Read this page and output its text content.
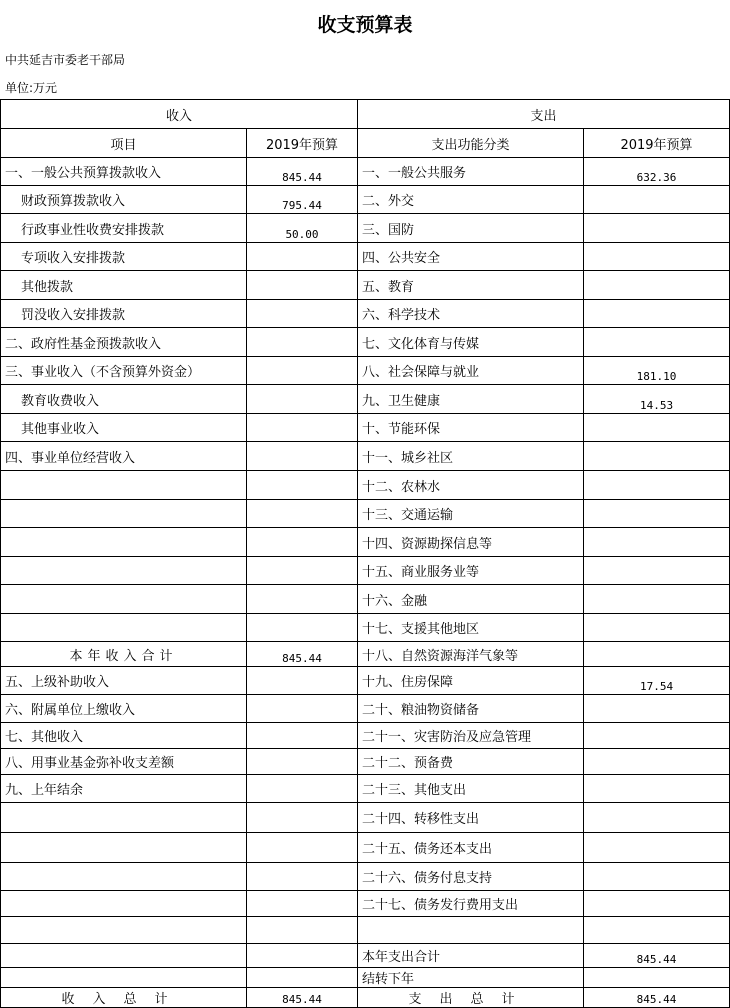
收支预算表
中共延吉市委老干部局
单位:万元
收入		支出	
项目	2019年预算	支出功能分类	2019年预算
一、一般公共预算拨款收入	845.44	一、一般公共服务	632.36
财政预算拨款收入	795.44	二、外交	
行政事业性收费安排拨款	50.00	三、国防	
专项收入安排拨款		四、公共安全	
其他拨款		五、教育	
罚没收入安排拨款		六、科学技术	
二、政府性基金预拨款收入		七、文化体育与传媒	
三、事业收入（不含预算外资金）		八、社会保障与就业	181.10
教育收费收入		九、卫生健康	14.53
其他事业收入		十、节能环保	
四、事业单位经营收入		十一、城乡社区	
		十二、农林水	
		十三、交通运输	
		十四、资源勘探信息等	
		十五、商业服务业等	
		十六、金融	
		十七、支援其他地区	
本年收入合计	845.44	十八、自然资源海洋气象等	
五、上级补助收入		十九、住房保障	17.54
六、附属单位上缴收入		二十、粮油物资储备	
七、其他收入		二十一、灾害防治及应急管理	
八、用事业基金弥补收支差额		二十二、预备费	
九、上年结余		二十三、其他支出	
		二十四、转移性支出	
		二十五、债务还本支出	
		二十六、债务付息支持	
		二十七、债务发行费用支出	

		本年支出合计	845.44
		结转下年	
收入总计	845.44	支出总计	845.44
